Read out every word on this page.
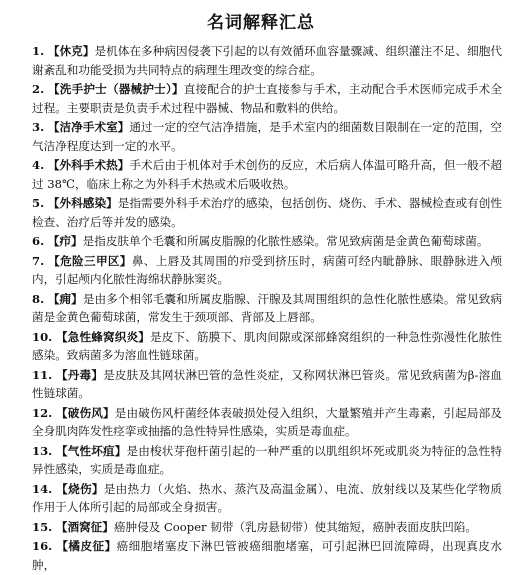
名词解释汇总

1. 【休克】是机体在多种病因侵袭下引起的以有效循环血容量骤减、组织灌注不足、细胞代谢紊乱和功能受损为共同特点的病理生理改变的综合症。

2. 【洗手护士（器械护士）】直接配合的护士直接参与手术，主动配合手术医师完成手术全过程。主要职责是负责手术过程中器械、物品和敷料的供给。

3. 【洁净手术室】通过一定的空气洁净措施，是手术室内的细菌数目限制在一定的范围，空气洁净程度达到一定的水平。

4. 【外科手术热】手术后由于机体对手术创伤的反应，术后病人体温可略升高，但一般不超过 38℃，临床上称之为外科手术热或术后吸收热。

5. 【外科感染】是指需要外科手术治疗的感染，包括创伤、烧伤、手术、器械检查或有创性检查、治疗后等并发的感染。

6. 【疖】是指皮肤单个毛囊和所属皮脂腺的化脓性感染。常见致病菌是金黄色葡萄球菌。

7. 【危险三甲区】鼻、上唇及其周围的疖受到挤压时，病菌可经内眦静脉、眼静脉进入颅内，引起颅内化脓性海绵状静脉窦炎。

8. 【痈】是由多个相邻毛囊和所属皮脂腺、汗腺及其周围组织的急性化脓性感染。常见致病菌是金黄色葡萄球菌，常发生于颈项部、背部及上唇部。

10. 【急性蜂窝织炎】是皮下、筋膜下、肌肉间隙或深部蜂窝组织的一种急性弥漫性化脓性感染。致病菌多为溶血性链球菌。

11. 【丹毒】是皮肤及其网状淋巴管的急性炎症，又称网状淋巴管炎。常见致病菌为β-溶血性链球菌。

12. 【破伤风】是由破伤风杆菌经体表破损处侵入组织，大量繁殖并产生毒素，引起局部及全身肌肉阵发性痉挛或抽搐的急性特异性感染，实质是毒血症。

13. 【气性坏疽】是由梭状芽孢杆菌引起的一种严重的以肌组织坏死或肌炎为特征的急性特异性感染，实质是毒血症。

14. 【烧伤】是由热力（火焰、热水、蒸汽及高温金属）、电流、放射线以及某些化学物质作用于人体所引起的局部或全身损害。

15. 【酒窝征】癌肿侵及 Cooper 韧带（乳房悬韧带）使其缩短，癌肿表面皮肤凹陷。

16. 【橘皮征】癌细胞堵塞皮下淋巴管被癌细胞堵塞，可引起淋巴回流障碍，出现真皮水肿，
